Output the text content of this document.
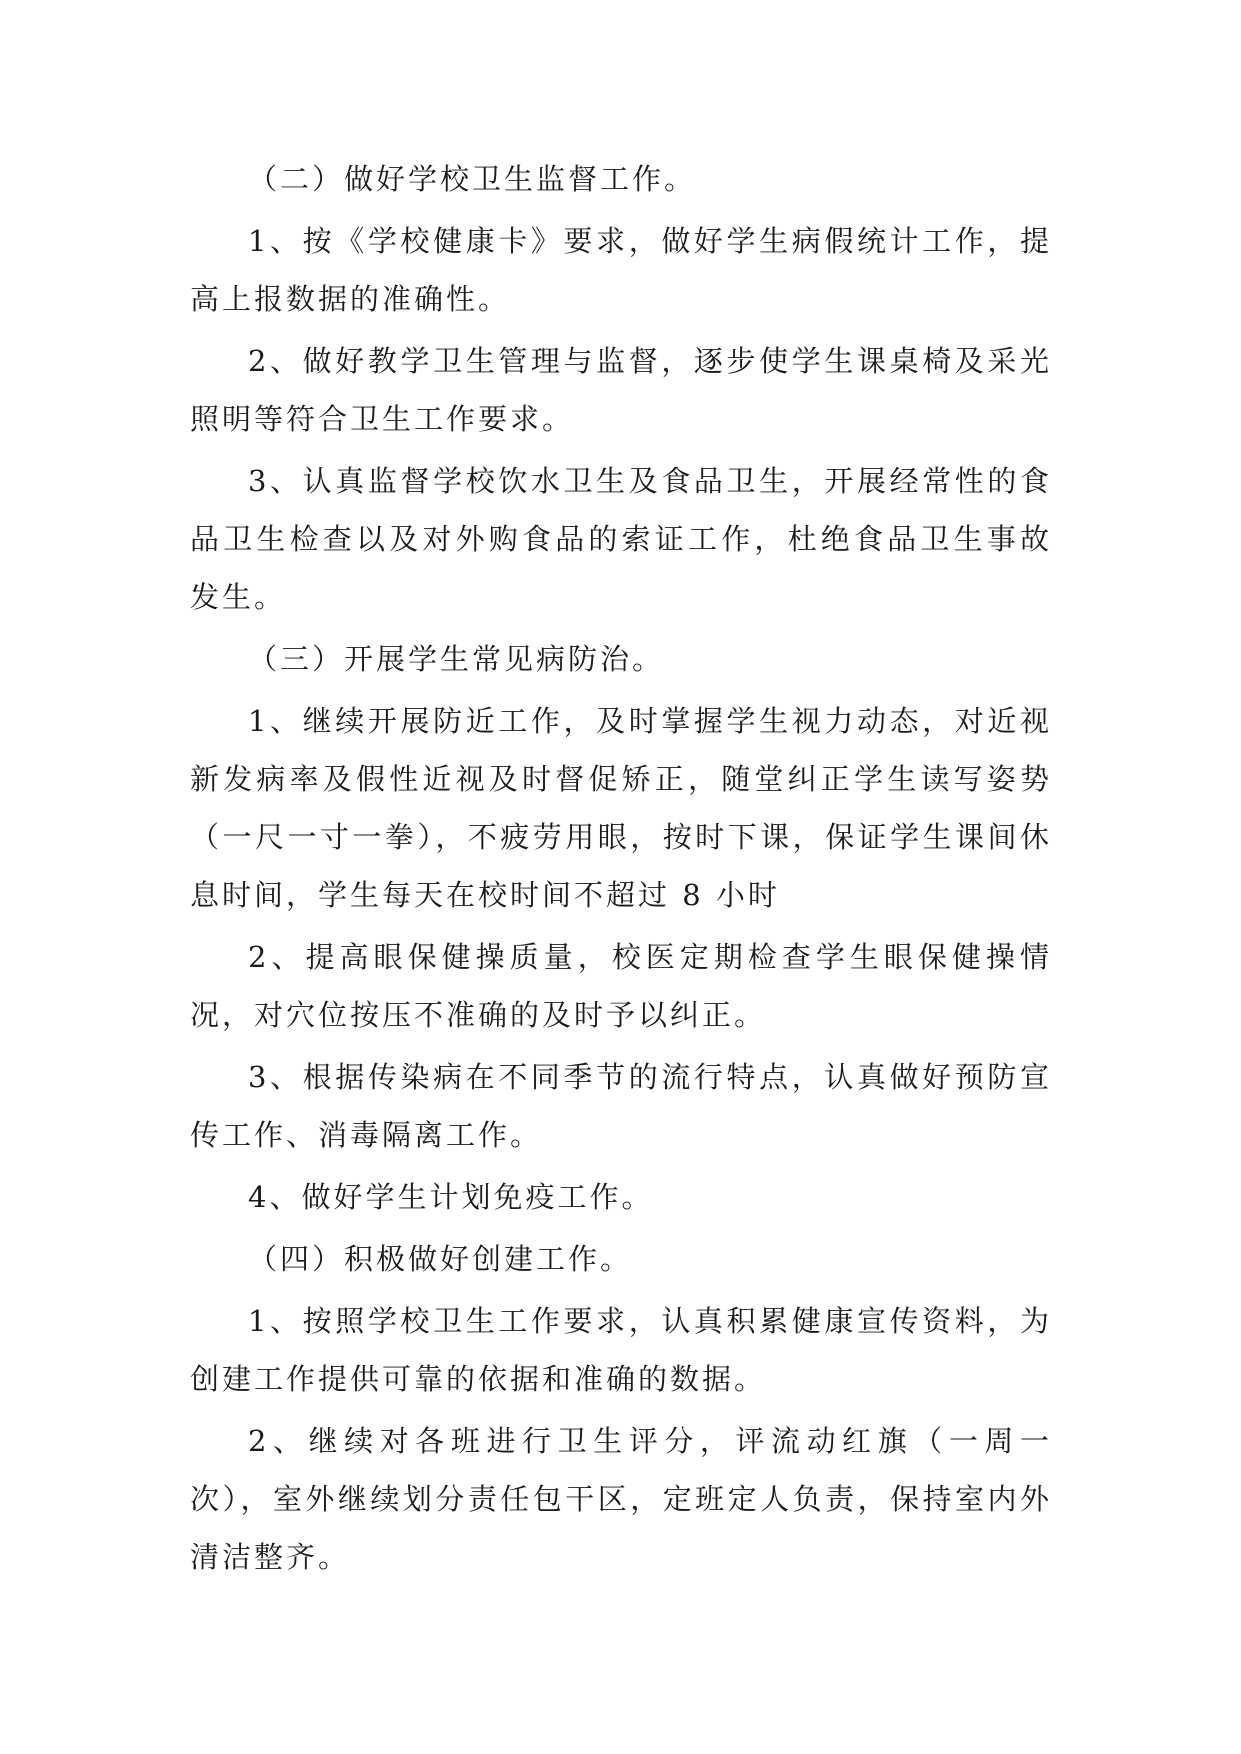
（二）做好学校卫生监督工作。

1、按《学校健康卡》要求，做好学生病假统计工作，提高上报数据的准确性。

2、做好教学卫生管理与监督，逐步使学生课桌椅及采光照明等符合卫生工作要求。

3、认真监督学校饮水卫生及食品卫生，开展经常性的食品卫生检查以及对外购食品的索证工作，杜绝食品卫生事故发生。

（三）开展学生常见病防治。

1、继续开展防近工作，及时掌握学生视力动态，对近视新发病率及假性近视及时督促矫正，随堂纠正学生读写姿势（一尺一寸一拳），不疲劳用眼，按时下课，保证学生课间休息时间，学生每天在校时间不超过 8 小时

2、提高眼保健操质量，校医定期检查学生眼保健操情况，对穴位按压不准确的及时予以纠正。

3、根据传染病在不同季节的流行特点，认真做好预防宣传工作、消毒隔离工作。

4、做好学生计划免疫工作。

（四）积极做好创建工作。

1、按照学校卫生工作要求，认真积累健康宣传资料，为创建工作提供可靠的依据和准确的数据。

2、继续对各班进行卫生评分，评流动红旗（一周一次），室外继续划分责任包干区，定班定人负责，保持室内外清洁整齐。
